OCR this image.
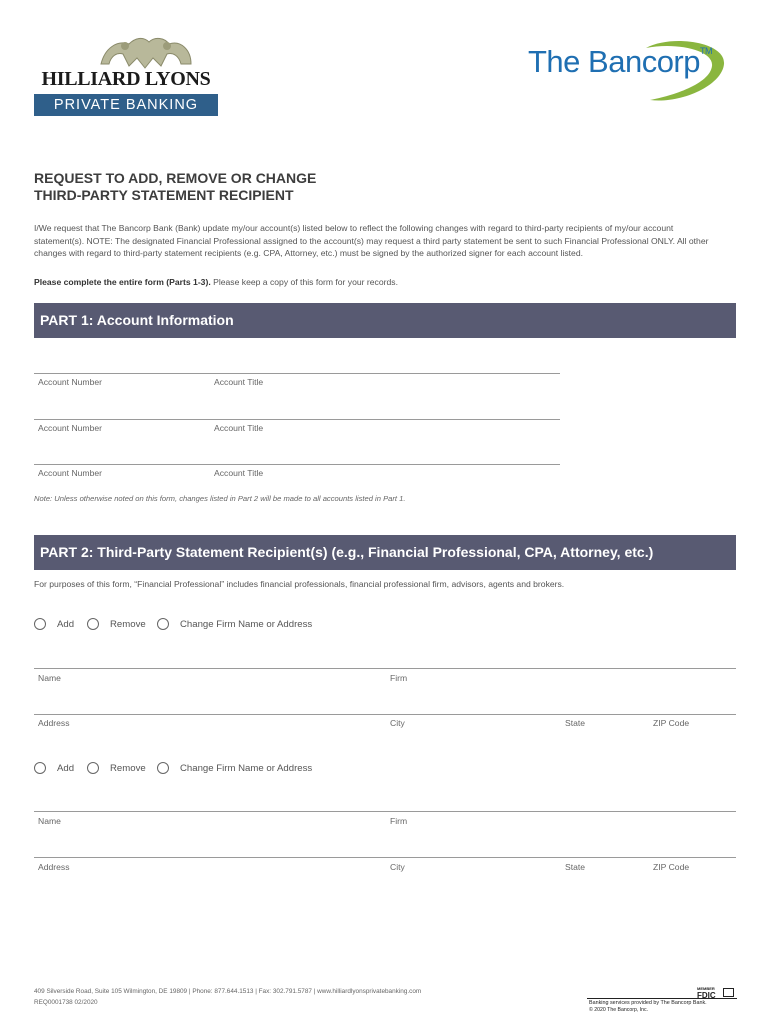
HILLIARD LYONS
PRIVATE BANKING
The Bancorp™
REQUEST TO ADD, REMOVE OR CHANGE
THIRD-PARTY STATEMENT RECIPIENT
I/We request that The Bancorp Bank (Bank) update my/our account(s) listed below to reflect the following changes with regard to third-party recipients of my/our account statement(s). NOTE: The designated Financial Professional assigned to the account(s) may request a third party statement be sent to such Financial Professional ONLY. All other changes with regard to third-party statement recipients (e.g. CPA, Attorney, etc.) must be signed by the authorized signer for each account listed.
Please complete the entire form (Parts 1-3). Please keep a copy of this form for your records.
PART 1: Account Information
Account Number	Account Title
Account Number	Account Title
Account Number	Account Title
Note: Unless otherwise noted on this form, changes listed in Part 2 will be made to all accounts listed in Part 1.
PART 2: Third-Party Statement Recipient(s) (e.g., Financial Professional, CPA, Attorney, etc.)
For purposes of this form, “Financial Professional” includes financial professionals, financial professional firm, advisors, agents and brokers.
Add	Remove	Change Firm Name or Address
Name	Firm
Address	City	State	ZIP Code
Add	Remove	Change Firm Name or Address
Name	Firm
Address	City	State	ZIP Code
409 Silverside Road, Suite 105 Wilmington, DE 19809 | Phone: 877.644.1513 | Fax: 302.791.5787 | www.hilliardlyonsprivatebanking.com
REQ0001738 02/2020
MEMBER
FDIC
Banking services provided by The Bancorp Bank.
© 2020 The Bancorp, Inc.
